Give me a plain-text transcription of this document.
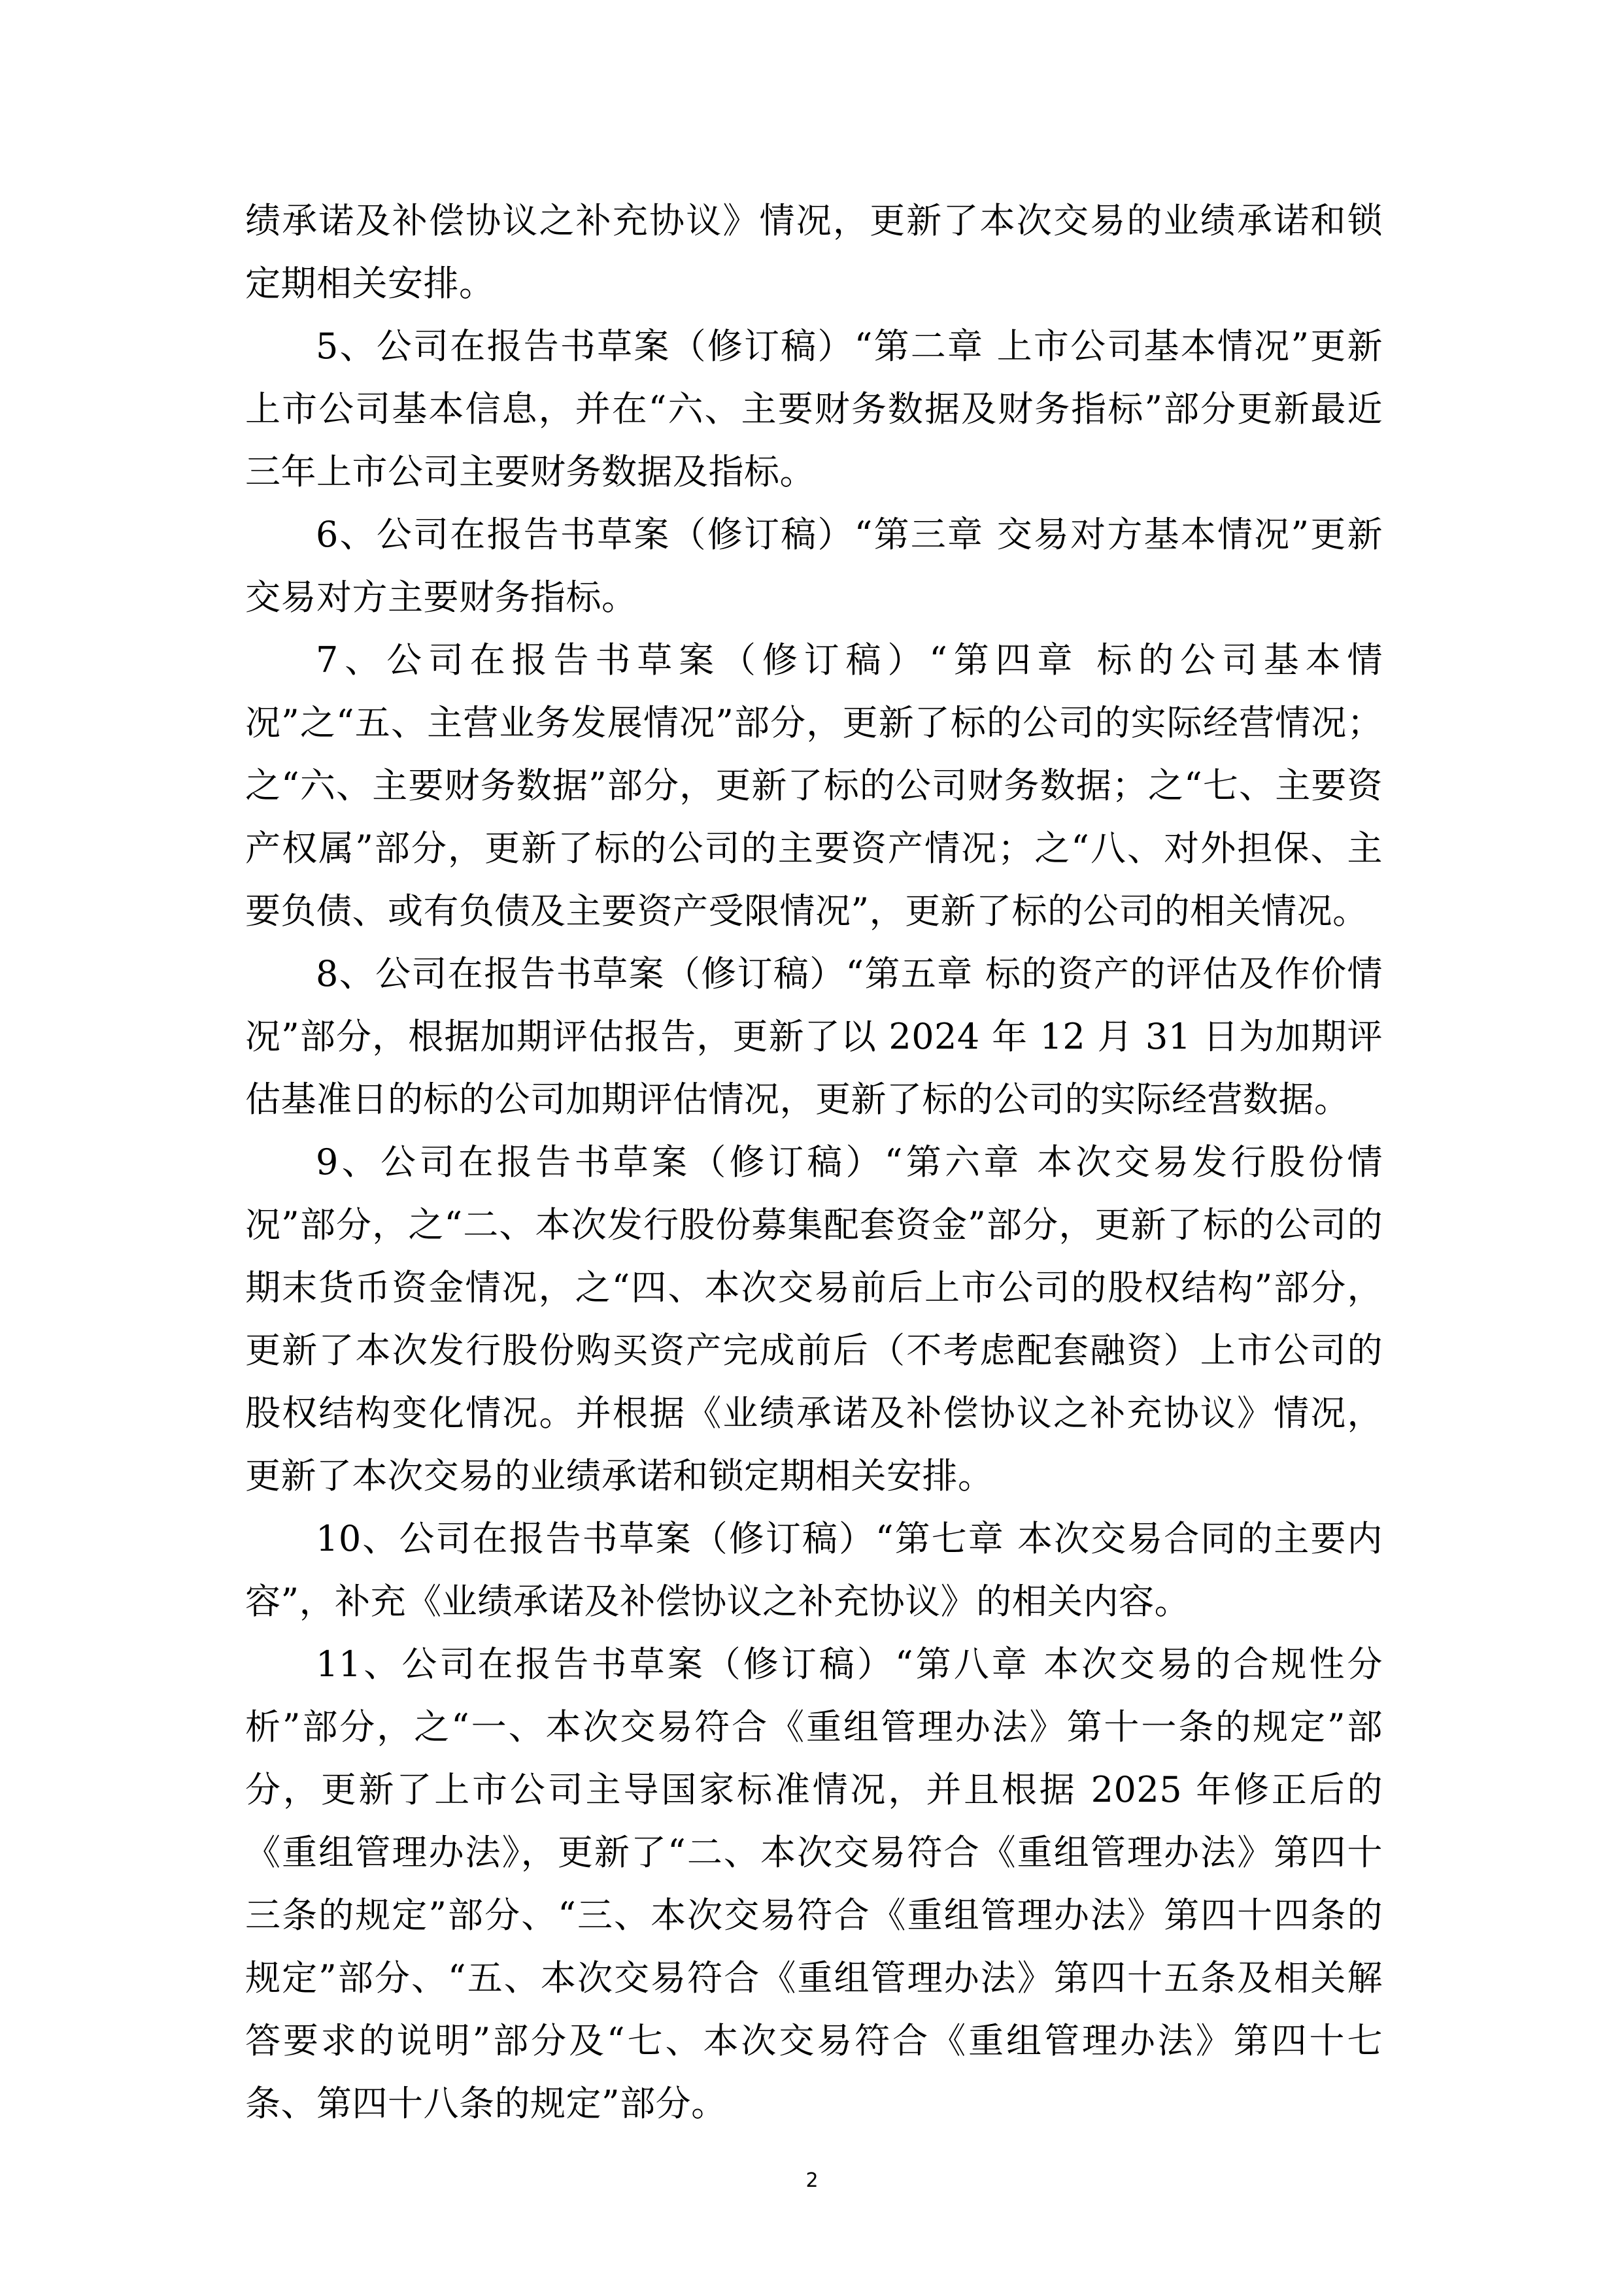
绩承诺及补偿协议之补充协议》情况，更新了本次交易的业绩承诺和锁定期相关安排。

5、公司在报告书草案（修订稿）“第二章 上市公司基本情况”更新上市公司基本信息，并在“六、主要财务数据及财务指标”部分更新最近三年上市公司主要财务数据及指标。

6、公司在报告书草案（修订稿）“第三章 交易对方基本情况”更新交易对方主要财务指标。

7、公司在报告书草案（修订稿）“第四章 标的公司基本情况”之“五、主营业务发展情况”部分，更新了标的公司的实际经营情况；之“六、主要财务数据”部分，更新了标的公司财务数据；之“七、主要资产权属”部分，更新了标的公司的主要资产情况；之“八、对外担保、主要负债、或有负债及主要资产受限情况”，更新了标的公司的相关情况。

8、公司在报告书草案（修订稿）“第五章 标的资产的评估及作价情况”部分，根据加期评估报告，更新了以 2024 年 12 月 31 日为加期评估基准日的标的公司加期评估情况，更新了标的公司的实际经营数据。

9、公司在报告书草案（修订稿）“第六章 本次交易发行股份情况”部分，之“二、本次发行股份募集配套资金”部分，更新了标的公司的期末货币资金情况，之“四、本次交易前后上市公司的股权结构”部分，更新了本次发行股份购买资产完成前后（不考虑配套融资）上市公司的股权结构变化情况。并根据《业绩承诺及补偿协议之补充协议》情况，更新了本次交易的业绩承诺和锁定期相关安排。

10、公司在报告书草案（修订稿）“第七章 本次交易合同的主要内容”，补充《业绩承诺及补偿协议之补充协议》的相关内容。

11、公司在报告书草案（修订稿）“第八章 本次交易的合规性分析”部分，之“一、本次交易符合《重组管理办法》第十一条的规定”部分，更新了上市公司主导国家标准情况，并且根据 2025 年修正后的《重组管理办法》，更新了“二、本次交易符合《重组管理办法》第四十三条的规定”部分、“三、本次交易符合《重组管理办法》第四十四条的规定”部分、“五、本次交易符合《重组管理办法》第四十五条及相关解答要求的说明”部分及“七、本次交易符合《重组管理办法》第四十七条、第四十八条的规定”部分。

2
